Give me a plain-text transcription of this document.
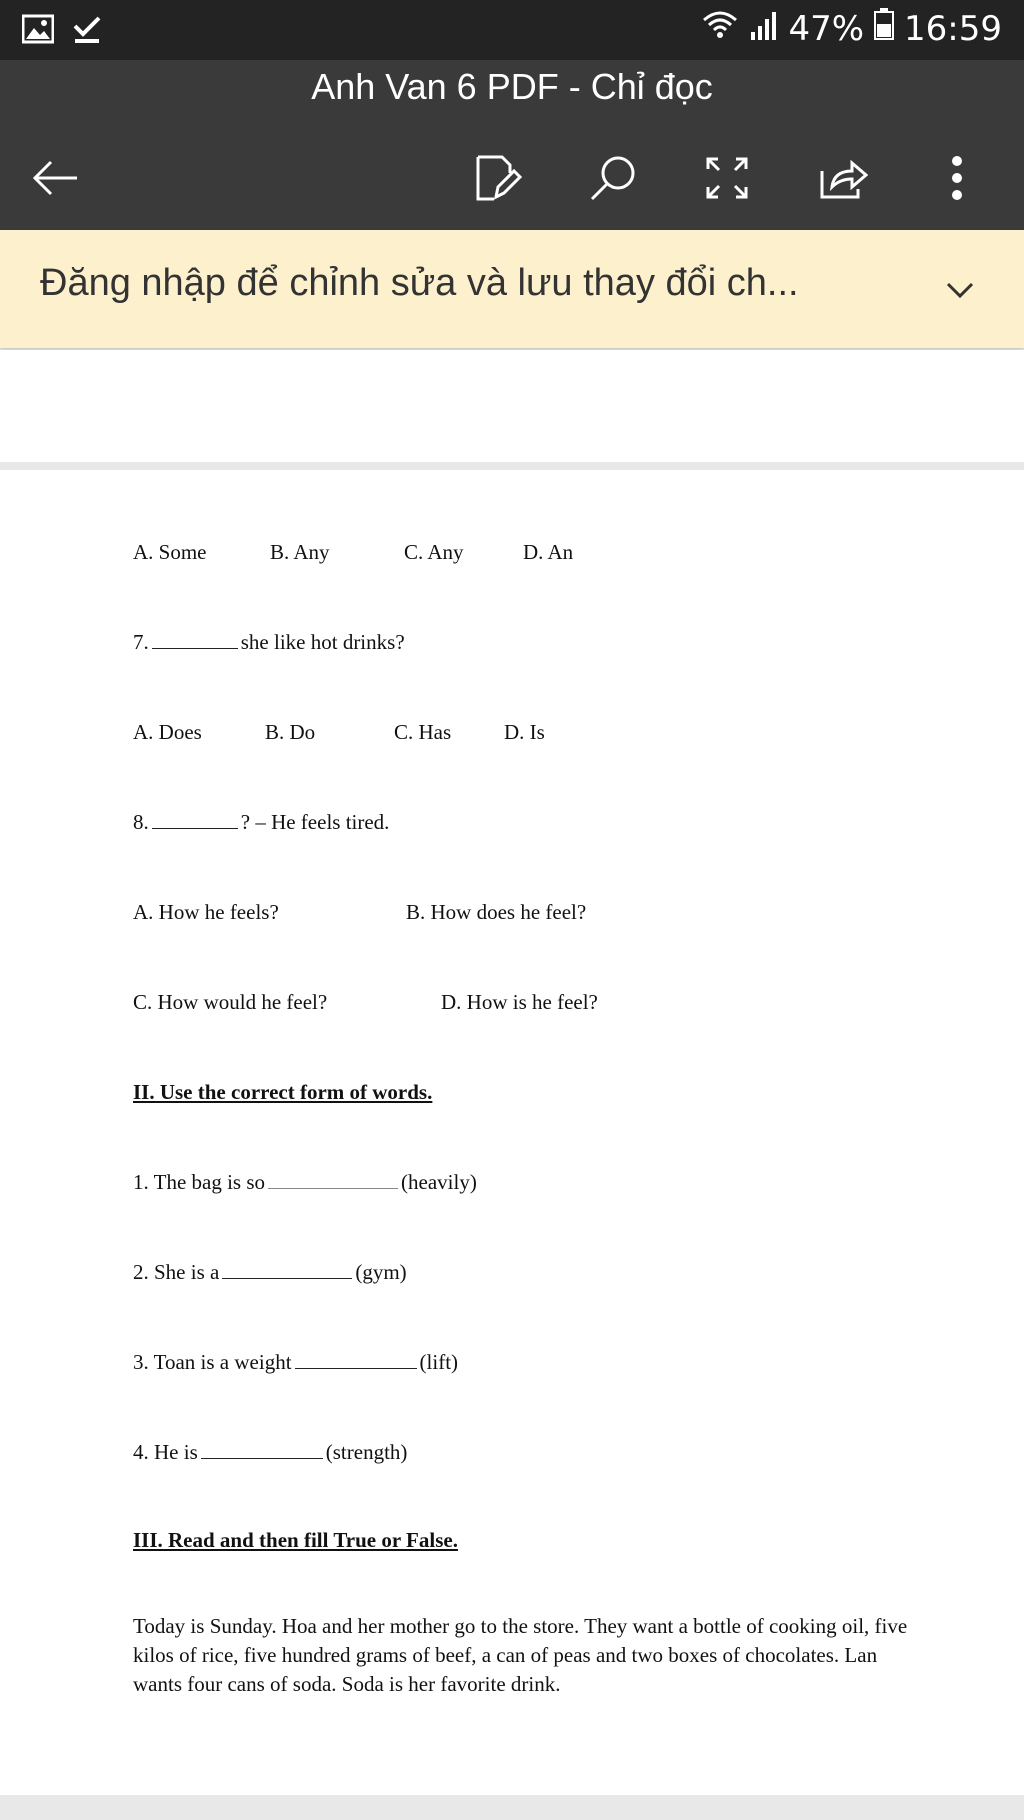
47% 16:59
Anh Van 6 PDF - Chỉ đọc
Đăng nhập để chỉnh sửa và lưu thay đổi ch...
A. Some	B. Any	C. Any	D. An
7.	she like hot drinks?
A. Does	B. Do	C. Has	D. Is
8.	? – He feels tired.
A. How he feels?	B. How does he feel?
C. How would he feel?	D. How is he feel?
II. Use the correct form of words.
1. The bag is so	(heavily)
2. She is a	(gym)
3. Toan is a weight	(lift)
4. He is	(strength)
III. Read and then fill True or False.
Today is Sunday. Hoa and her mother go to the store. They want a bottle of cooking oil, five kilos of rice, five hundred grams of beef, a can of peas and two boxes of chocolates. Lan wants four cans of soda. Soda is her favorite drink.
